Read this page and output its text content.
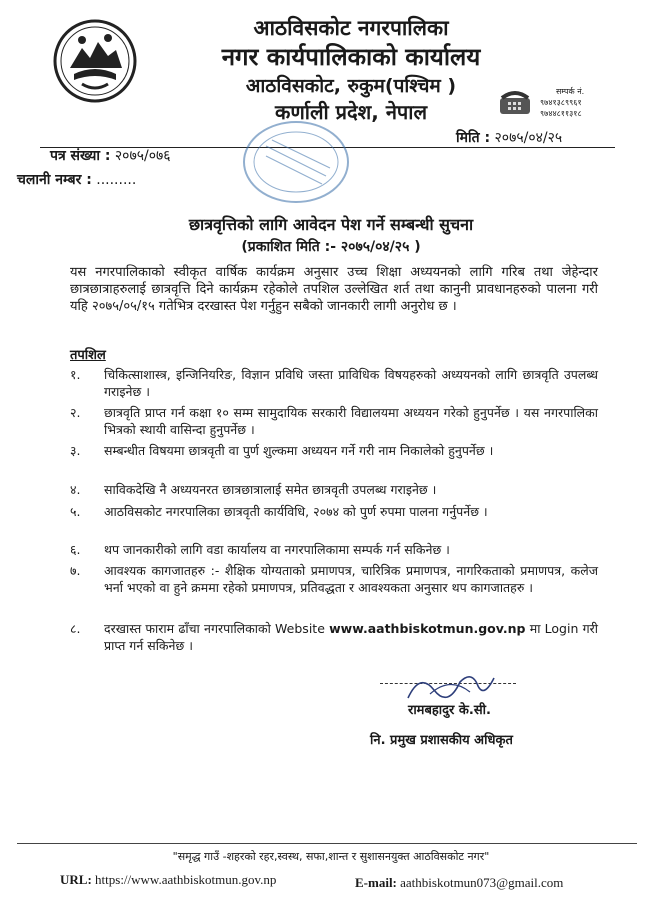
आठविसकोट नगरपालिका
नगर कार्यपालिकाको कार्यालय
आठविसकोट, रुकुम(पश्चिम )
कर्णाली प्रदेश, नेपाल
सम्पर्क नं.
९७४१३८९९६१
९७४४८११३१८
मिति : २०७५/०४/२५
पत्र संख्या : २०७५/०७६
चलानी नम्बर : .........
छात्रवृत्तिको लागि आवेदन पेश गर्ने सम्बन्धी सुचना
(प्रकाशित मिति :- २०७५/०४/२५ )
यस नगरपालिकाको स्वीकृत वार्षिक कार्यक्रम अनुसार उच्च शिक्षा अध्ययनको लागि गरिब तथा जेहेन्दार छात्रछात्राहरुलाई छात्रवृत्ति दिने कार्यक्रम रहेकोले तपशिल उल्लेखित शर्त तथा कानुनी प्रावधानहरुको पालना गरी यहि २०७५/०५/१५ गतेभित्र दरखास्त पेश गर्नुहुन सबैको जानकारी लागी अनुरोध छ ।
तपशिल
१.	चिकित्साशास्त्र, इन्जिनियरिङ, विज्ञान प्रविधि जस्ता प्राविधिक विषयहरुको अध्ययनको लागि छात्रवृति उपलब्ध गराइनेछ ।
२.	छात्रवृति प्राप्त गर्न कक्षा १० सम्म सामुदायिक सरकारी विद्यालयमा अध्ययन गरेको हुनुपर्नेछ । यस नगरपालिका भित्रको स्थायी वासिन्दा हुनुपर्नेछ ।
३.	सम्बन्धीत विषयमा छात्रवृती वा पुर्ण शुल्कमा अध्ययन गर्ने गरी नाम निकालेको हुनुपर्नेछ ।
४.	साविकदेखि नै अध्ययनरत छात्रछात्रालाई समेत छात्रवृती उपलब्ध गराइनेछ ।
५.	आठविसकोट नगरपालिका छात्रवृती कार्यविधि, २०७४ को पुर्ण रुपमा पालना गर्नुपर्नेछ ।
६.	थप जानकारीको लागि वडा कार्यालय वा नगरपालिकामा सम्पर्क गर्न सकिनेछ ।
७.	आवश्यक कागजातहरु :- शैक्षिक योग्यताको प्रमाणपत्र, चारित्रिक प्रमाणपत्र, नागरिकताको प्रमाणपत्र, कलेज भर्ना भएको वा हुने क्रममा रहेको प्रमाणपत्र, प्रतिवद्धता र आवश्यकता अनुसार थप कागजातहरु ।
८.	दरखास्त फाराम ढाँचा नगरपालिकाको Website www.aathbiskotmun.gov.np मा Login गरी प्राप्त गर्न सकिनेछ ।
रामबहादुर के.सी.
नि. प्रमुख प्रशासकीय अधिकृत
"समृद्ध गाउँ -शहरको रहर,स्वस्थ, सफा,शान्त र सुशासनयुक्त आठविसकोट नगर"
URL: https://www.aathbiskotmun.gov.np	E-mail: aathbiskotmun073@gmail.com
